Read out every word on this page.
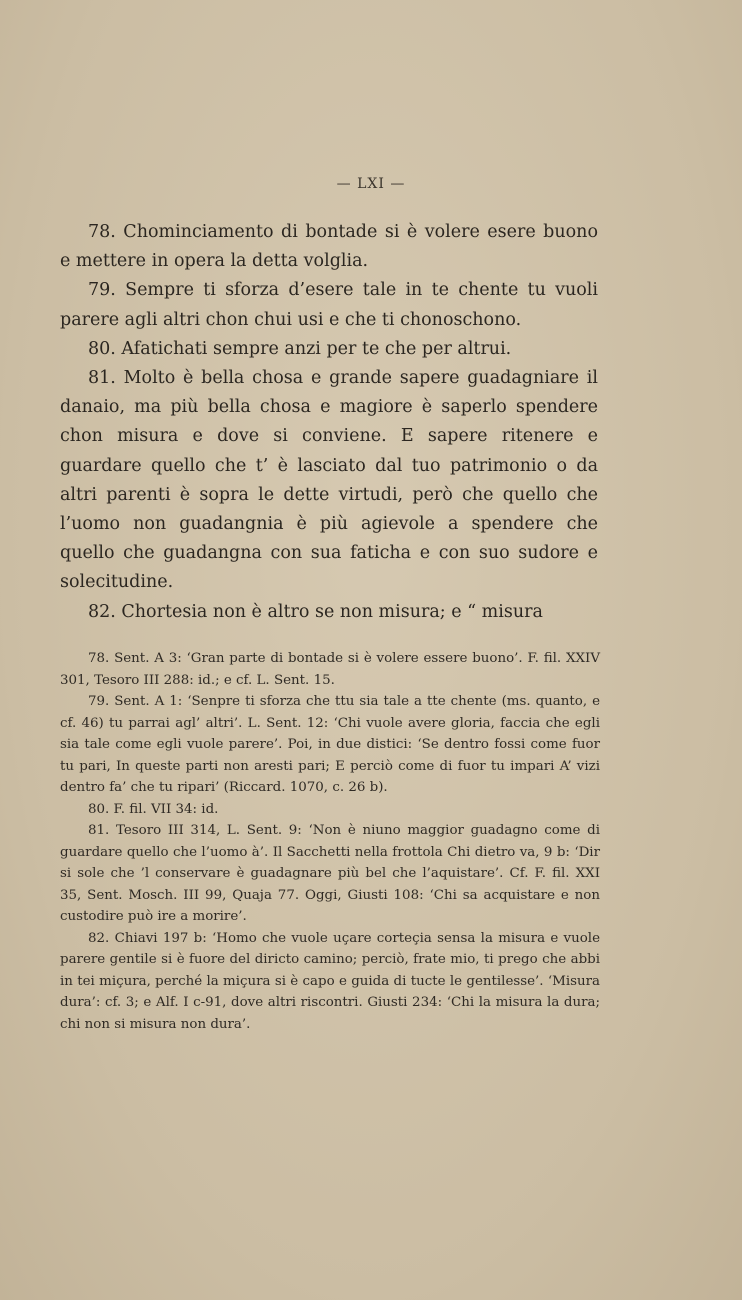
— LXI —

78. Chominciamento di bontade si è volere esere buono e mettere in opera la detta volglia.

79. Sempre ti sforza d’esere tale in te chente tu vuoli parere agli altri chon chui usi e che ti chonoschono.

80. Afatichati sempre anzi per te che per altrui.

81. Molto è bella chosa e grande sapere guadagniare il danaio, ma più bella chosa e magiore è saperlo spendere chon misura e dove si conviene. E sapere ritenere e guardare quello che t’ è lasciato dal tuo patrimonio o da altri parenti è sopra le dette virtudi, però che quello che l’uomo non guadangnia è più agievole a spendere che quello che guadangna con sua faticha e con suo sudore e solecitudine.

82. Chortesia non è altro se non misura; e “ misura

78. Sent. A 3: ‘Gran parte di bontade si è volere essere buono’. F. fil. XXIV 301, Tesoro III 288: id.; e cf. L. Sent. 15.

79. Sent. A 1: ‘Senpre ti sforza che ttu sia tale a tte chente (ms. quanto, e cf. 46) tu parrai agl’ altri’. L. Sent. 12: ‘Chi vuole avere gloria, faccia che egli sia tale come egli vuole parere’. Poi, in due distici: ‘Se dentro fossi come fuor tu pari, In queste parti non aresti pari; E perciò come di fuor tu impari A’ vizi dentro fa’ che tu ripari’ (Riccard. 1070, c. 26 b).

80. F. fil. VII 34: id.

81. Tesoro III 314, L. Sent. 9: ‘Non è niuno maggior guadagno come di guardare quello che l’uomo à’. Il Sacchetti nella frottola Chi dietro va, 9 b: ‘Dir si sole che ’l conservare è guadagnare più bel che l’aquistare’. Cf. F. fil. XXI 35, Sent. Mosch. III 99, Quaja 77. Oggi, Giusti 108: ‘Chi sa acquistare e non custodire può ire a morire’.

82. Chiavi 197 b: ‘Homo che vuole uçare corteçia sensa la misura e vuole parere gentile si è fuore del diricto camino; perciò, frate mio, ti prego che abbi in tei miçura, perché la miçura si è capo e guida di tucte le gentilesse’. ‘Misura dura’: cf. 3; e Alf. I c-91, dove altri riscontri. Giusti 234: ‘Chi la misura la dura; chi non si misura non dura’.
